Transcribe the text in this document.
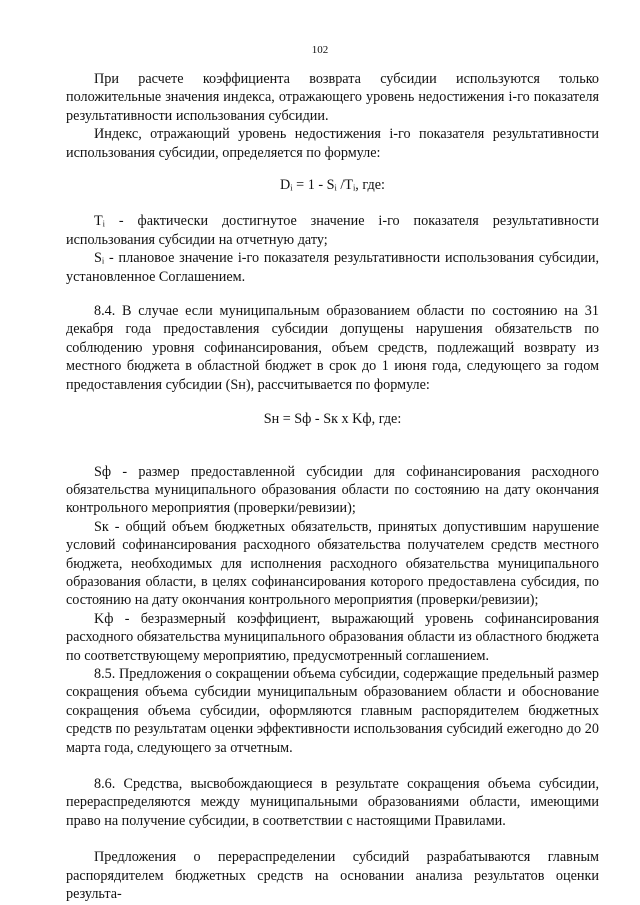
102

При расчете коэффициента возврата субсидии используются только положительные значения индекса, отражающего уровень недостижения i-го показателя результативности использования субсидии.

Индекс, отражающий уровень недостижения i-го показателя результативности использования субсидии, определяется по формуле:

Dᵢ = 1 - Sᵢ /Tᵢ, где:

Tᵢ - фактически достигнутое значение i-го показателя результативности использования субсидии на отчетную дату;

Sᵢ - плановое значение i-го показателя результативности использования субсидии, установленное Соглашением.

8.4. В случае если муниципальным образованием области по состоянию на 31 декабря года предоставления субсидии допущены нарушения обязательств по соблюдению уровня софинансирования, объем средств, подлежащий возврату из местного бюджета в областной бюджет в срок до 1 июня года, следующего за годом предоставления субсидии (Sн), рассчитывается по формуле:

Sн = Sф - Sк x Kф, где:

Sф - размер предоставленной субсидии для софинансирования расходного обязательства муниципального образования области по состоянию на дату окончания контрольного мероприятия (проверки/ревизии);

Sк - общий объем бюджетных обязательств, принятых допустившим нарушение условий софинансирования расходного обязательства получателем средств местного бюджета, необходимых для исполнения расходного обязательства муниципального образования области, в целях софинансирования которого предоставлена субсидия, по состоянию на дату окончания контрольного мероприятия (проверки/ревизии);

Kф - безразмерный коэффициент, выражающий уровень софинансирования расходного обязательства муниципального образования области из областного бюджета по соответствующему мероприятию, предусмотренный соглашением.

8.5. Предложения о сокращении объема субсидии, содержащие предельный размер сокращения объема субсидии муниципальным образованием области и обоснование сокращения объема субсидии, оформляются главным распорядителем бюджетных средств по результатам оценки эффективности использования субсидий ежегодно до 20 марта года, следующего за отчетным.

8.6. Средства, высвобождающиеся в результате сокращения объема субсидии, перераспределяются между муниципальными образованиями области, имеющими право на получение субсидии, в соответствии с настоящими Правилами.

Предложения о перераспределении субсидий разрабатываются главным распорядителем бюджетных средств на основании анализа результатов оценки результа-
